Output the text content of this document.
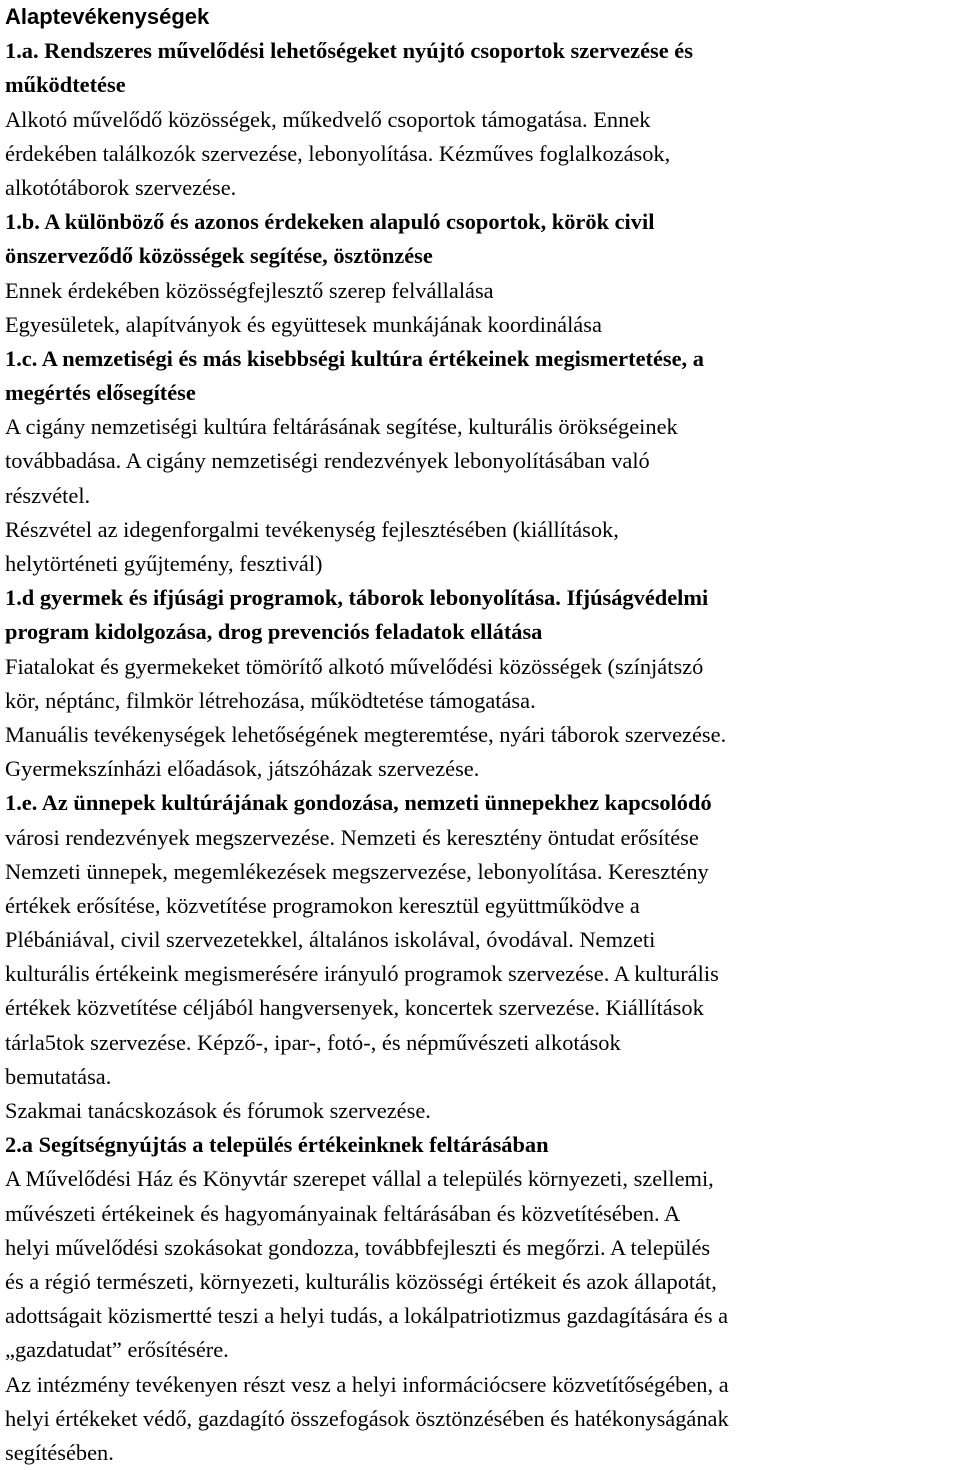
Alaptevékenységek
1.a. Rendszeres művelődési lehetőségeket nyújtó csoportok szervezése és
működtetése
Alkotó művelődő közösségek, műkedvelő csoportok támogatása. Ennek
érdekében találkozók szervezése, lebonyolítása. Kézműves foglalkozások,
alkotótáborok szervezése.
1.b. A különböző és azonos érdekeken alapuló csoportok, körök civil
önszerveződő közösségek segítése, ösztönzése
Ennek érdekében közösségfejlesztő szerep felvállalása
Egyesületek, alapítványok és együttesek munkájának koordinálása
1.c. A nemzetiségi és más kisebbségi kultúra értékeinek megismertetése, a
megértés elősegítése
A cigány nemzetiségi kultúra feltárásának segítése, kulturális örökségeinek
továbbadása. A cigány nemzetiségi rendezvények lebonyolításában való
részvétel.
Részvétel az idegenforgalmi tevékenység fejlesztésében (kiállítások,
helytörténeti gyűjtemény, fesztivál)
1.d gyermek és ifjúsági programok, táborok lebonyolítása. Ifjúságvédelmi
program kidolgozása, drog prevenciós feladatok ellátása
Fiatalokat és gyermekeket tömörítő alkotó művelődési közösségek (színjátszó
kör, néptánc, filmkör létrehozása, működtetése támogatása.
Manuális tevékenységek lehetőségének megteremtése, nyári táborok szervezése.
Gyermekszínházi előadások, játszóházak szervezése.
1.e. Az ünnepek kultúrájának gondozása, nemzeti ünnepekhez kapcsolódó
városi rendezvények megszervezése. Nemzeti és keresztény öntudat erősítése
Nemzeti ünnepek, megemlékezések megszervezése, lebonyolítása. Keresztény
értékek erősítése, közvetítése programokon keresztül együttműködve a
Plébániával, civil szervezetekkel, általános iskolával, óvodával. Nemzeti
kulturális értékeink megismerésére irányuló programok szervezése. A kulturális
értékek közvetítése céljából hangversenyek, koncertek szervezése. Kiállítások
tárla5tok szervezése. Képző-, ipar-, fotó-, és népművészeti alkotások
bemutatása.
Szakmai tanácskozások és fórumok szervezése.
2.a Segítségnyújtás a település értékeinknek feltárásában
A Művelődési Ház és Könyvtár szerepet vállal a település környezeti, szellemi,
művészeti értékeinek és hagyományainak feltárásában és közvetítésében. A
helyi művelődési szokásokat gondozza, továbbfejleszti és megőrzi. A település
és a régió természeti, környezeti, kulturális közösségi értékeit és azok állapotát,
adottságait közismertté teszi a helyi tudás, a lokálpatriotizmus gazdagítására és a
„gazdatudat” erősítésére.
Az intézmény tevékenyen részt vesz a helyi információcsere közvetítőségében, a
helyi értékeket védő, gazdagító összefogások ösztönzésében és hatékonyságának
segítésében.
